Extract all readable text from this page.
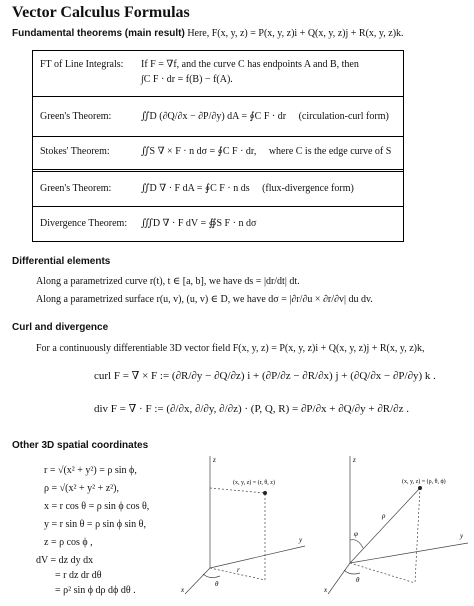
Vector Calculus Formulas
Fundamental theorems (main result) Here, F(x, y, z) = P(x, y, z)i + Q(x, y, z)j + R(x, y, z)k.
FT of Line Integrals: If F = ∇f, and the curve C has endpoints A and B, then
∫C F · dr = f(B) − f(A).
Green's Theorem:	∬D (∂Q/∂x − ∂P/∂y) dA = ∮C F · dr (circulation-curl form)
Stokes' Theorem:	∬S ∇ × F · n dσ = ∮C F · dr, where C is the edge curve of S
Green's Theorem:	∬D ∇ · F dA = ∮C F · n ds (flux-divergence form)
Divergence Theorem: ∭D ∇ · F dV = ∯S F · n dσ
Differential elements
Along a parametrized curve r(t), t ∈ [a, b], we have ds = |dr/dt| dt.
Along a parametrized surface r(u, v), (u, v) ∈ D, we have dσ = |∂r/∂u × ∂r/∂v| du dv.
Curl and divergence
For a continuously differentiable 3D vector field F(x, y, z) = P(x, y, z)i + Q(x, y, z)j + R(x, y, z)k,
curl F = ∇ × F := (∂R/∂y − ∂Q/∂z) i + (∂P/∂z − ∂R/∂x) j + (∂Q/∂x − ∂P/∂y) k .
div F = ∇ · F := (∂/∂x, ∂/∂y, ∂/∂z) · (P, Q, R) = ∂P/∂x + ∂Q/∂y + ∂R/∂z .
Other 3D spatial coordinates
r = √(x² + y²) = ρ sin ϕ,
ρ = √(x² + y² + z²),
x = r cos θ = ρ sin ϕ cos θ,
y = r sin θ = ρ sin ϕ sin θ,
z = ρ cos ϕ ,
dV = dz dy dx
= r dz dr dθ
= ρ² sin ϕ dρ dϕ dθ .
z
y
x
(x, y, z) = (r, θ, z)
r
θ
z
y
x
(x, y, z) = (ρ, θ, ϕ)
ρ
φ
θ
